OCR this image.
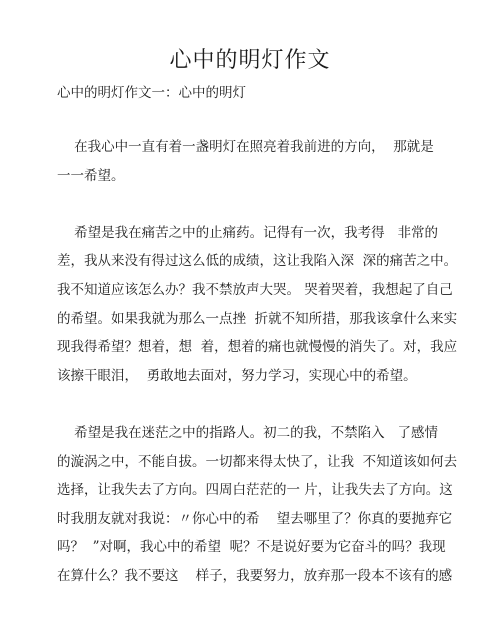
心中的明灯作文
心中的明灯作文一：心中的明灯
在我心中一直有着一盏明灯在照亮着我前进的方向，  那就是
一一希望。
希望是我在痛苦之中的止痛药。记得有一次，我考得   非常的
差，我从来没有得过这么低的成绩，这让我陷入深  深的痛苦之中。
我不知道应该怎么办？我不禁放声大哭。 哭着哭着，我想起了自己
的希望。如果我就为那么一点挫  折就不知所措，那我该拿什么来实
现我得希望？想着，想  着，想着的痛也就慢慢的消失了。对，我应
该擦干眼泪，  勇敢地去面对，努力学习，实现心中的希望。
希望是我在迷茫之中的指路人。初二的我，不禁陷入   了感情
的漩涡之中，不能自拔。一切都来得太快了，让我  不知道该如何去
选择，让我失去了方向。四周白茫茫的一 片，让我失去了方向。这
时我朋友就对我说：〃你心中的希    望去哪里了？你真的要抛弃它
吗？  ”对啊，我心中的希望  呢？不是说好要为它奋斗的吗？我现
在算什么？我不要这    样子，我要努力，放弃那一段本不该有的感
